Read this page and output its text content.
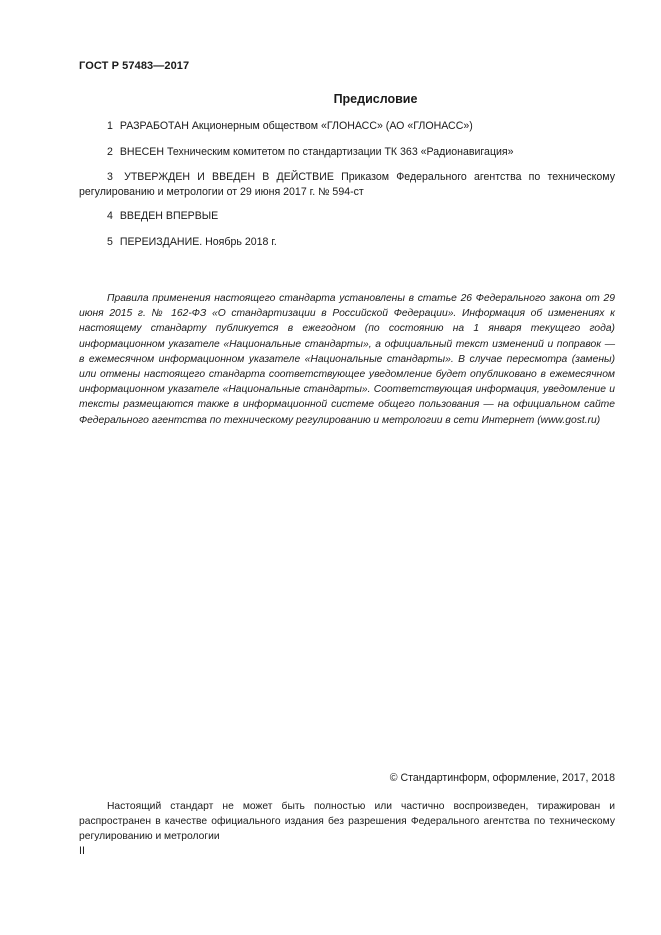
ГОСТ Р 57483—2017
Предисловие
1 РАЗРАБОТАН Акционерным обществом «ГЛОНАСС» (АО «ГЛОНАСС»)
2 ВНЕСЕН Техническим комитетом по стандартизации ТК 363 «Радионавигация»
3 УТВЕРЖДЕН И ВВЕДЕН В ДЕЙСТВИЕ Приказом Федерального агентства по техническому регулированию и метрологии от 29 июня 2017 г. № 594-ст
4 ВВЕДЕН ВПЕРВЫЕ
5 ПЕРЕИЗДАНИЕ. Ноябрь 2018 г.
Правила применения настоящего стандарта установлены в статье 26 Федерального закона от 29 июня 2015 г. № 162-ФЗ «О стандартизации в Российской Федерации». Информация об изменениях к настоящему стандарту публикуется в ежегодном (по состоянию на 1 января текущего года) информационном указателе «Национальные стандарты», а официальный текст изменений и поправок — в ежемесячном информационном указателе «Национальные стандарты». В случае пересмотра (замены) или отмены настоящего стандарта соответствующее уведомление будет опубликовано в ежемесячном информационном указателе «Национальные стандарты». Соответствующая информация, уведомление и тексты размещаются также в информационной системе общего пользования — на официальном сайте Федерального агентства по техническому регулированию и метрологии в сети Интернет (www.gost.ru)
© Стандартинформ, оформление, 2017, 2018
Настоящий стандарт не может быть полностью или частично воспроизведен, тиражирован и распространен в качестве официального издания без разрешения Федерального агентства по техническому регулированию и метрологии
II
